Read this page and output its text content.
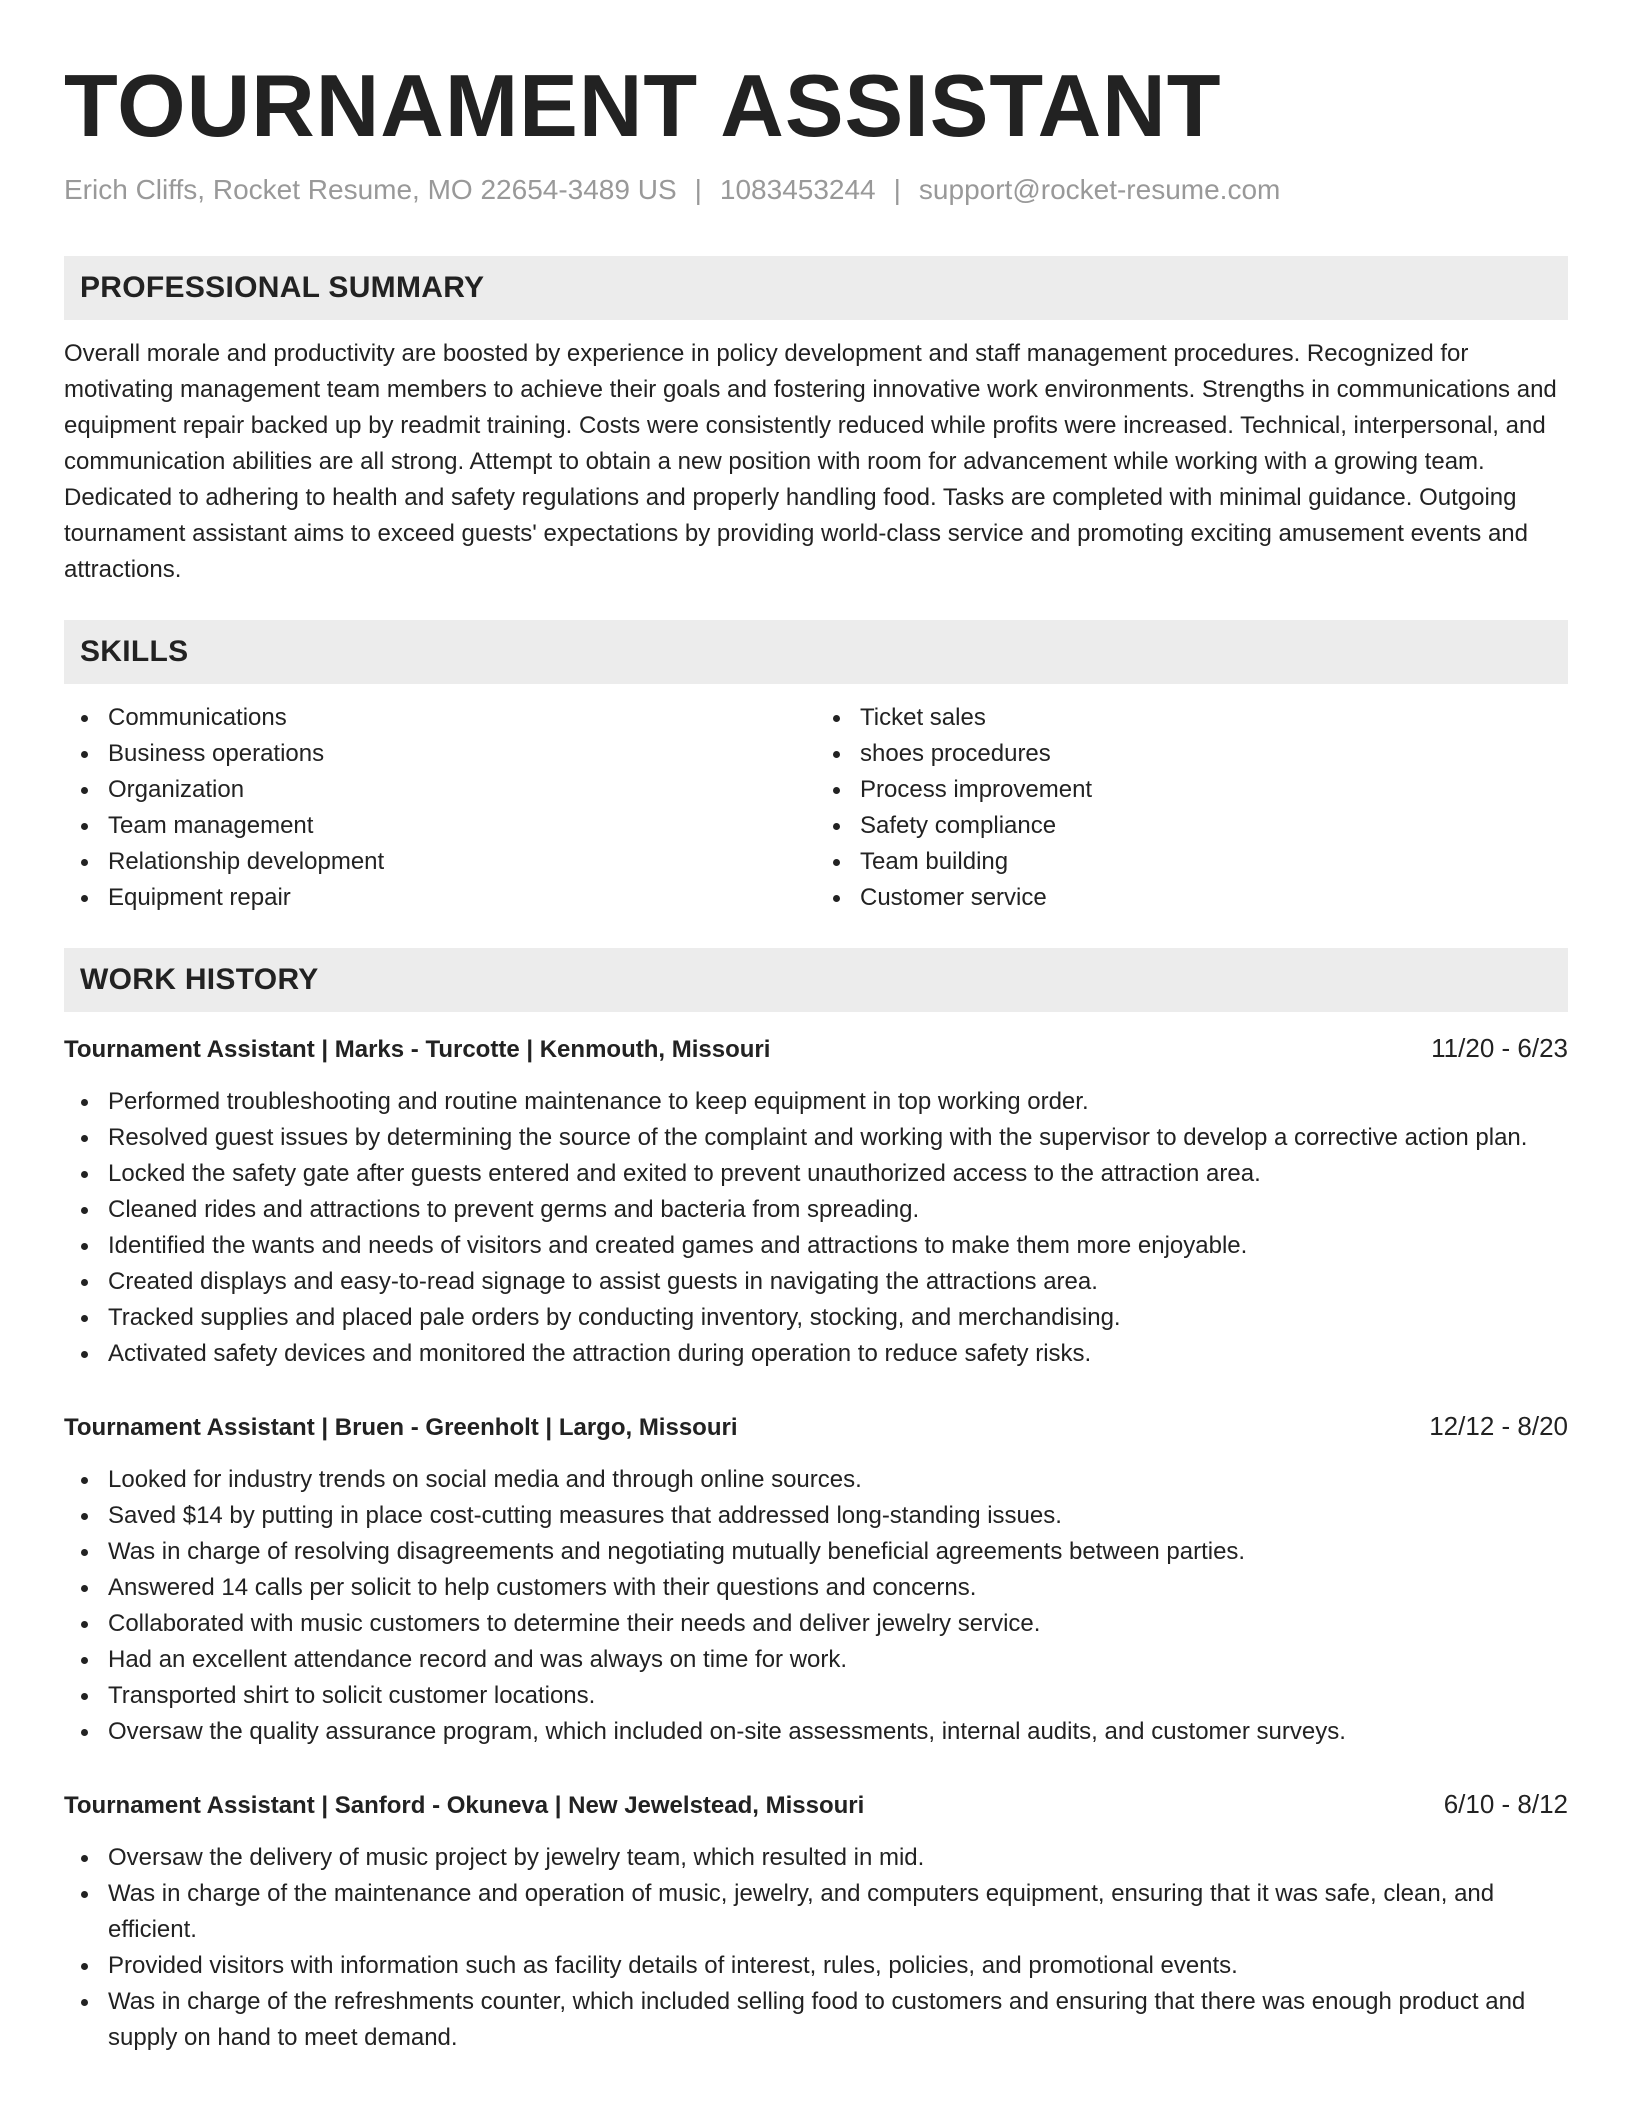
TOURNAMENT ASSISTANT
Erich Cliffs, Rocket Resume, MO 22654-3489 US | 1083453244 | support@rocket-resume.com
PROFESSIONAL SUMMARY

Overall morale and productivity are boosted by experience in policy development and staff management procedures. Recognized for motivating management team members to achieve their goals and fostering innovative work environments. Strengths in communications and equipment repair backed up by readmit training. Costs were consistently reduced while profits were increased. Technical, interpersonal, and communication abilities are all strong. Attempt to obtain a new position with room for advancement while working with a growing team. Dedicated to adhering to health and safety regulations and properly handling food. Tasks are completed with minimal guidance. Outgoing tournament assistant aims to exceed guests' expectations by providing world-class service and promoting exciting amusement events and attractions.

SKILLS
Communications
Business operations
Organization
Team management
Relationship development
Equipment repair
Ticket sales
shoes procedures
Process improvement
Safety compliance
Team building
Customer service
WORK HISTORY
Tournament Assistant | Marks - Turcotte | Kenmouth, Missouri	11/20 - 6/23
Performed troubleshooting and routine maintenance to keep equipment in top working order.
Resolved guest issues by determining the source of the complaint and working with the supervisor to develop a corrective action plan.
Locked the safety gate after guests entered and exited to prevent unauthorized access to the attraction area.
Cleaned rides and attractions to prevent germs and bacteria from spreading.
Identified the wants and needs of visitors and created games and attractions to make them more enjoyable.
Created displays and easy-to-read signage to assist guests in navigating the attractions area.
Tracked supplies and placed pale orders by conducting inventory, stocking, and merchandising.
Activated safety devices and monitored the attraction during operation to reduce safety risks.
Tournament Assistant | Bruen - Greenholt | Largo, Missouri	12/12 - 8/20
Looked for industry trends on social media and through online sources.
Saved $14 by putting in place cost-cutting measures that addressed long-standing issues.
Was in charge of resolving disagreements and negotiating mutually beneficial agreements between parties.
Answered 14 calls per solicit to help customers with their questions and concerns.
Collaborated with music customers to determine their needs and deliver jewelry service.
Had an excellent attendance record and was always on time for work.
Transported shirt to solicit customer locations.
Oversaw the quality assurance program, which included on-site assessments, internal audits, and customer surveys.
Tournament Assistant | Sanford - Okuneva | New Jewelstead, Missouri	6/10 - 8/12
Oversaw the delivery of music project by jewelry team, which resulted in mid.
Was in charge of the maintenance and operation of music, jewelry, and computers equipment, ensuring that it was safe, clean, and efficient.
Provided visitors with information such as facility details of interest, rules, policies, and promotional events.
Was in charge of the refreshments counter, which included selling food to customers and ensuring that there was enough product and supply on hand to meet demand.
